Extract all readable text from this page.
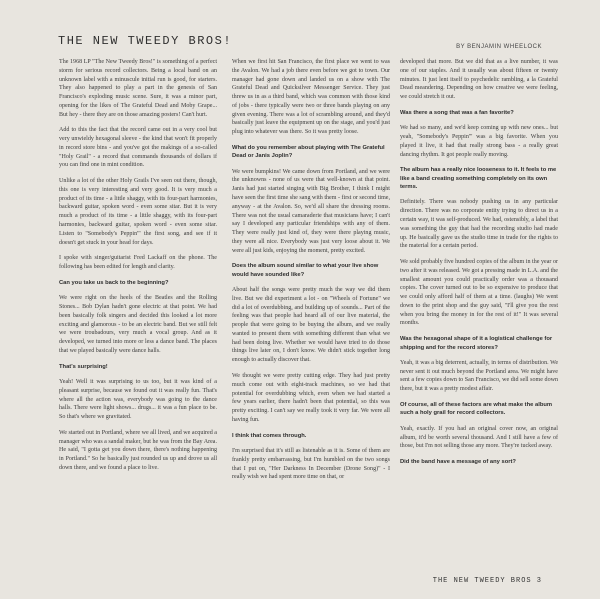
THE NEW TWEEDY BROS!	BY BENJAMIN WHEELOCK

The 1968 LP "The New Tweedy Bros!" is something of a perfect storm for serious record collectors. Being a local band on an unknown label with a minuscule initial run is good, for starters. They also happened to play a part in the genesis of San Francisco's exploding music scene. Sure, it was a minor part, opening for the likes of The Grateful Dead and Moby Grape... But hey - there they are on those amazing posters! Can't hurt.

Add to this the fact that the record came out in a very cool but very unwieldy hexagonal sleeve - the kind that won't fit properly in record store bins - and you've got the makings of a so-called "Holy Grail" - a record that commands thousands of dollars if you can find one in mint condition.

Unlike a lot of the other Holy Grails I've seen out there, though, this one is very interesting and very good. It is very much a product of its time - a little shaggy, with its four-part harmonies, backward guitar, spoken word - even some sitar. But it is very much a product of its time - a little shaggy, with its four-part harmonies, backward guitar, spoken word - even some sitar. Listen to "Somebody's Peppin'" the first song, and see if it doesn't get stuck in your head for days.

I spoke with singer/guitarist Fred Lackaff on the phone. The following has been edited for length and clarity.

Can you take us back to the beginning?

We were right on the heels of the Beatles and the Rolling Stones... Bob Dylan hadn't gone electric at that point. We had been basically folk singers and decided this looked a lot more exciting and glamorous - to be an electric band. But we still felt we were troubadours, very much a vocal group. And as it developed, we turned into more or less a dance band. The places that we played basically were dance halls.

That's surprising!

Yeah! Well it was surprising to us too, but it was kind of a pleasant surprise, because we found out it was really fun. That's where all the action was, everybody was going to the dance halls. There were light shows... drugs... it was a fun place to be. So that's where we gravitated.

We started out in Portland, where we all lived, and we acquired a manager who was a sandal maker, but he was from the Bay Area. He said, "I gotta get you down there, there's nothing happening in Portland." So he basically just rounded us up and drove us all down there, and we found a place to live.

When we first hit San Francisco, the first place we went to was the Avalon. We had a job there even before we got to town. Our manager had gone down and landed us on a show with The Grateful Dead and Quicksilver Messenger Service. They just threw us in as a third band, which was common with those kind of jobs - there typically were two or three bands playing on any given evening. There was a lot of scrambling around, and they'd basically just leave the equipment up on the stage, and you'd just plug into whatever was there. So it was pretty loose.

What do you remember about playing with The Grateful Dead or Janis Joplin?

We were bumpkins! We came down from Portland, and we were the unknowns - none of us were that well-known at that point. Janis had just started singing with Big Brother, I think I might have seen the first time she sang with them - first or second time, anyway - at the Avalon. So, we'd all share the dressing rooms. There was not the usual camaraderie that musicians have; I can't say I developed any particular friendships with any of them. They were really just kind of, they were there playing music, they were all nice. Everybody was just very loose about it. We were all just kids, enjoying the moment, pretty excited.

Does the album sound similar to what your live show would have sounded like?

About half the songs were pretty much the way we did them live. But we did experiment a lot - on "Wheels of Fortune" we did a lot of overdubbing, and building up of sounds... Part of the feeling was that people had heard all of our live material, the people that were going to be buying the album, and we really wanted to present them with something different than what we had been doing live. Whether we would have tried to do those things live later on, I don't know. We didn't stick together long enough to actually discover that.

We thought we were pretty cutting edge. They had just pretty much come out with eight-track machines, so we had that potential for overdubbing which, even when we had started a few years earlier, there hadn't been that potential, so this was pretty exciting. I can't say we really took it very far. We were all having fun.

I think that comes through.

I'm surprised that it's still as listenable as it is. Some of them are frankly pretty embarrassing, but I'm humbled on the two songs that I put on, "Her Darkness In December (Drone Song)" - I really wish we had spent more time on that, or

developed that more. But we did that as a live number, it was one of our staples. And it usually was about fifteen or twenty minutes. It just lent itself to psychedelic rambling, a la Grateful Dead meandering. Depending on how creative we were feeling, we could stretch it out.

Was there a song that was a fan favorite?

We had so many, and we'd keep coming up with new ones... but yeah, "Somebody's Peppin'" was a big favorite. When you played it live, it had that really strong bass - a really great dancing rhythm. It got people really moving.

The album has a really nice looseness to it. It feels to me like a band creating something completely on its own terms.

Definitely. There was nobody pushing us in any particular direction. There was no corporate entity trying to direct us in a certain way, it was self-produced. We had, ostensibly, a label that was something the guy that had the recording studio had made up. He basically gave us the studio time in trade for the rights to the material for a certain period.

We sold probably five hundred copies of the album in the year or two after it was released. We got a pressing made in L.A. and the smallest amount you could practically order was a thousand copies. The cover turned out to be so expensive to produce that we could only afford half of them at a time. (laughs) We went down to the print shop and the guy said, "I'll give you the rest when you bring the money in for the rest of it!" It was several months.

Was the hexagonal shape of it a logistical challenge for shipping and for the record stores?

Yeah, it was a big deterrent, actually, in terms of distribution. We never sent it out much beyond the Portland area. We might have sent a few copies down to San Francisco, we did sell some down there, but it was a pretty modest affair.

Of course, all of these factors are what make the album such a holy grail for record collectors.

Yeah, exactly. If you had an original cover now, an original album, it'd be worth several thousand. And I still have a few of those, but I'm not selling those any more. They're tucked away.

Did the band have a message of any sort?

THE NEW TWEEDY BROS 3
